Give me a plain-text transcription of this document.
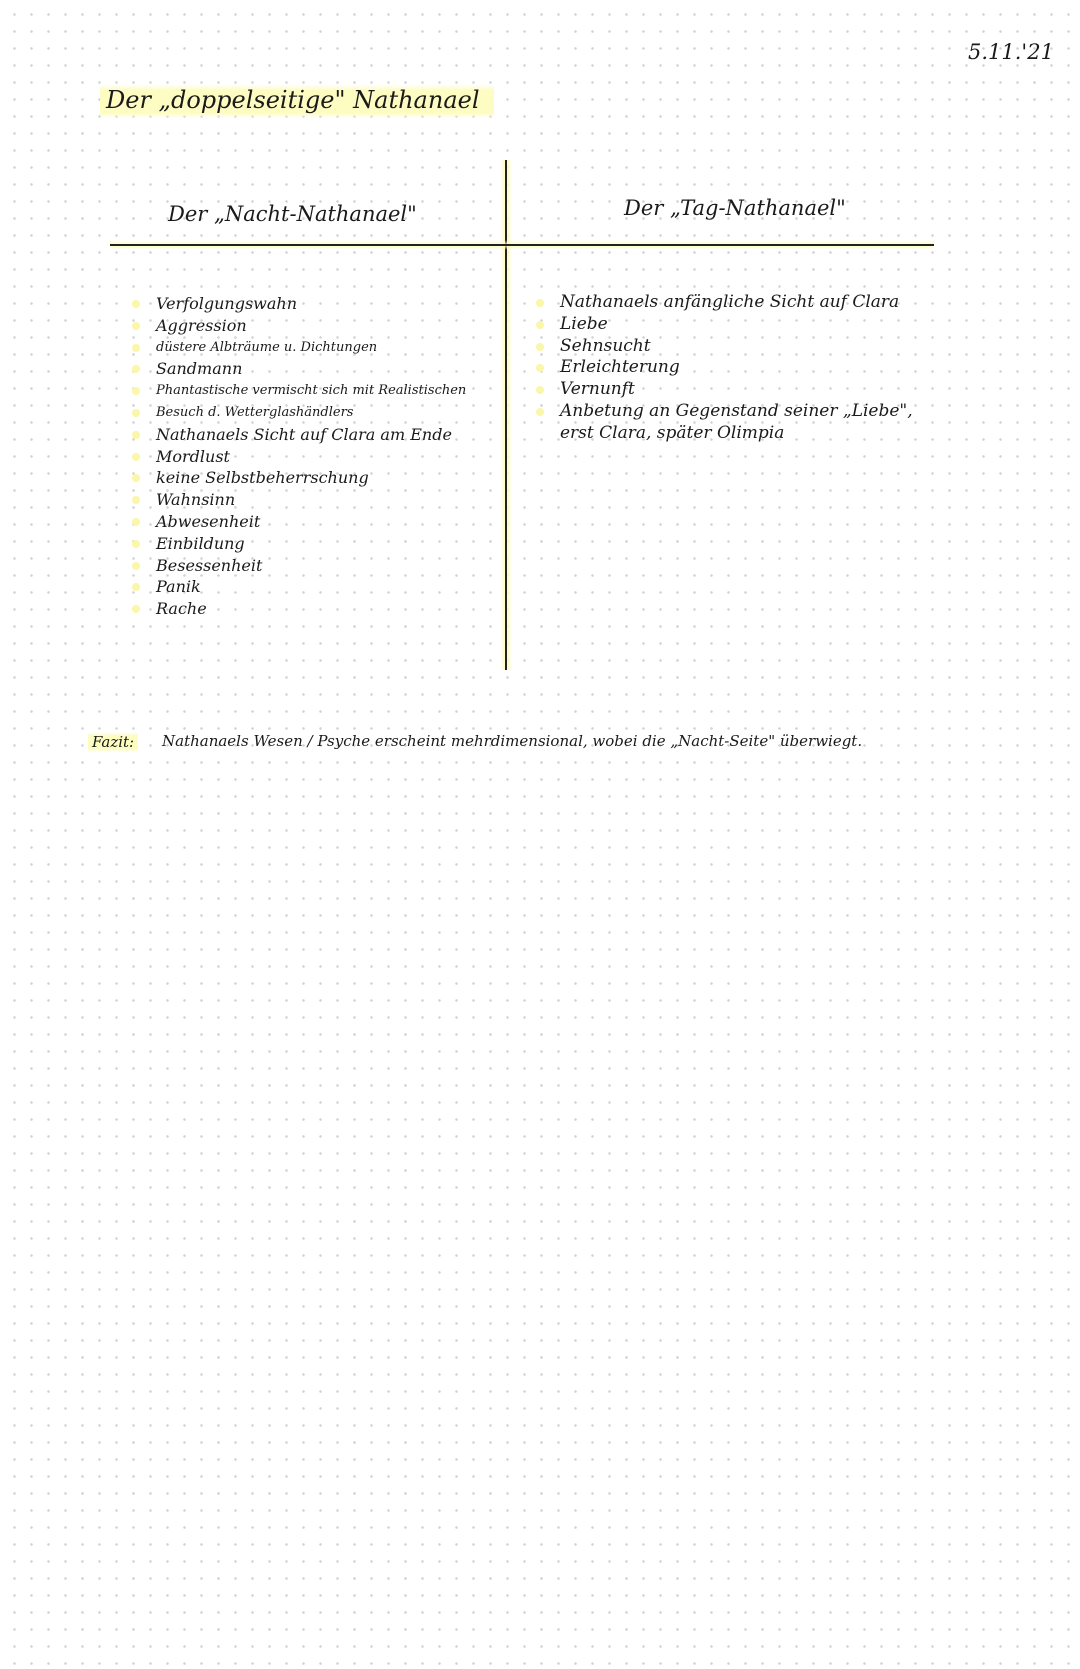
5.11.'21
Der „doppelseitige" Nathanael
Der „Nacht-Nathanael"	Der „Tag-Nathanael"
Verfolgungswahn
Aggression
düstere Albträume u. Dichtungen
Sandmann
Phantastische vermischt sich mit Realistischen
Besuch d. Wetterglashändlers
Nathanaels Sicht auf Clara am Ende
Mordlust
keine Selbstbeherrschung
Wahnsinn
Abwesenheit
Einbildung
Besessenheit
Panik
Rache
Nathanaels anfängliche Sicht auf Clara
Liebe
Sehnsucht
Erleichterung
Vernunft
Anbetung an Gegenstand seiner „Liebe",
erst Clara, später Olimpia
Fazit: Nathanaels Wesen / Psyche erscheint mehrdimensional, wobei die „Nacht-Seite" überwiegt.
